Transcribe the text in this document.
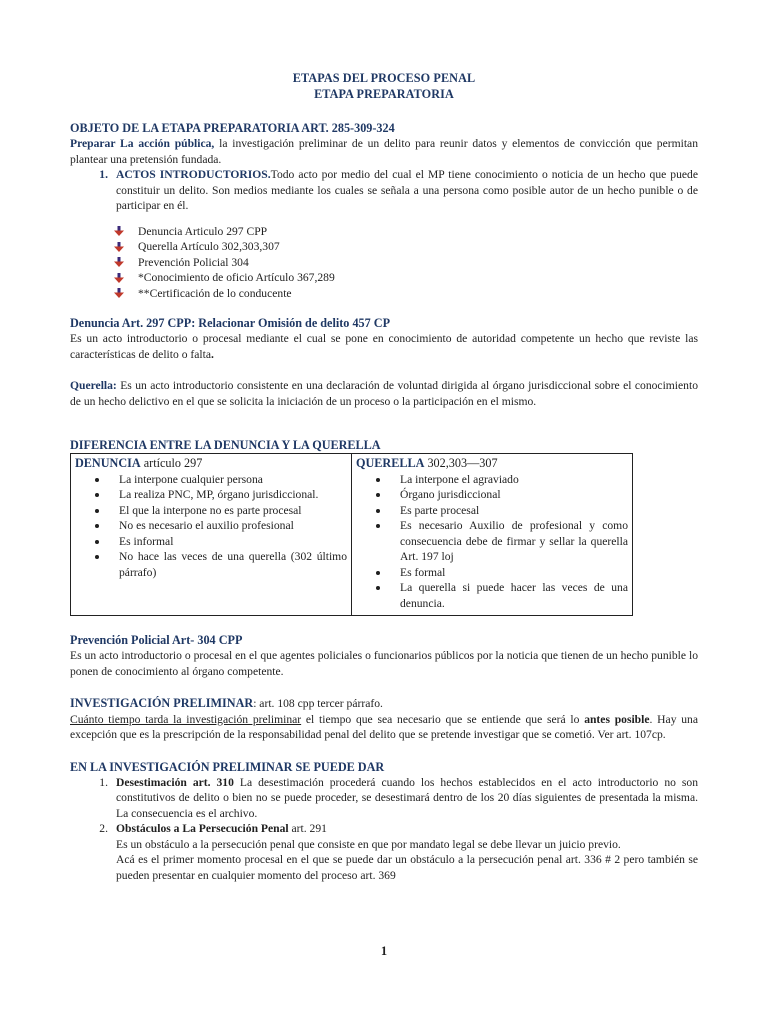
ETAPAS DEL PROCESO PENAL
ETAPA PREPARATORIA
OBJETO DE LA ETAPA PREPARATORIA ART. 285-309-324
Preparar La acción pública, la investigación preliminar de un delito para reunir datos y elementos de convicción que permitan plantear una pretensión fundada.
1. ACTOS INTRODUCTORIOS.Todo acto por medio del cual el MP tiene conocimiento o noticia de un hecho que puede constituir un delito. Son medios mediante los cuales se señala a una persona como posible autor de un hecho punible o de participar en él.
Denuncia Articulo 297 CPP
Querella Artículo 302,303,307
Prevención Policial 304
*Conocimiento de oficio Artículo 367,289
**Certificación de lo conducente
Denuncia Art. 297 CPP: Relacionar Omisión de delito 457 CP
Es un acto introductorio o procesal mediante el cual se pone en conocimiento de autoridad competente un hecho que reviste las características de delito o falta.
Querella: Es un acto introductorio consistente en una declaración de voluntad dirigida al órgano jurisdiccional sobre el conocimiento de un hecho delictivo en el que se solicita la iniciación de un proceso o la participación en el mismo.
DIFERENCIA ENTRE LA DENUNCIA Y LA QUERELLA
DENUNCIA artículo 297
La interpone cualquier persona
La realiza PNC, MP, órgano jurisdiccional.
El que la interpone no es parte procesal
No es necesario el auxilio profesional
Es informal
No hace las veces de una querella (302 último párrafo)

QUERELLA 302,303—307
La interpone el agraviado
Órgano jurisdiccional
Es parte procesal
Es necesario Auxilio de profesional y como consecuencia debe de firmar y sellar la querella Art. 197 loj
Es formal
La querella si puede hacer las veces de una denuncia.
Prevención Policial Art- 304 CPP
Es un acto introductorio o procesal en el que agentes policiales o funcionarios públicos por la noticia que tienen de un hecho punible lo ponen de conocimiento al órgano competente.
INVESTIGACIÓN PRELIMINAR: art. 108 cpp tercer párrafo.
Cuánto tiempo tarda la investigación preliminar el tiempo que sea necesario que se entiende que será lo antes posible. Hay una excepción que es la prescripción de la responsabilidad penal del delito que se pretende investigar que se cometió. Ver art. 107cp.
EN LA INVESTIGACIÓN PRELIMINAR SE PUEDE DAR
1. Desestimación art. 310 La desestimación procederá cuando los hechos establecidos en el acto introductorio no son constitutivos de delito o bien no se puede proceder, se desestimará dentro de los 20 días siguientes de presentada la misma. La consecuencia es el archivo.
2. Obstáculos a La Persecución Penal art. 291
Es un obstáculo a la persecución penal que consiste en que por mandato legal se debe llevar un juicio previo.
Acá es el primer momento procesal en el que se puede dar un obstáculo a la persecución penal art. 336 # 2 pero también se pueden presentar en cualquier momento del proceso art. 369
1
